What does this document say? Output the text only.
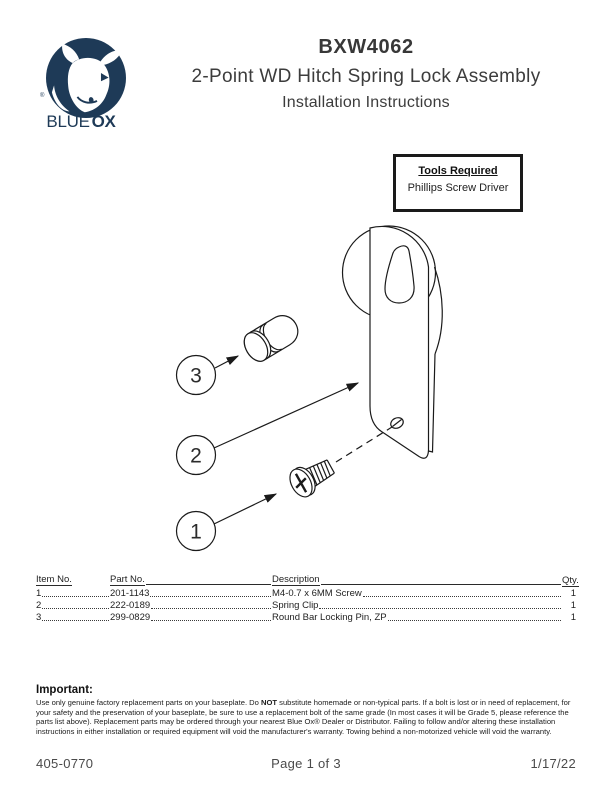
®
BLUE OX
BXW4062
2-Point WD Hitch Spring Lock Assembly
Installation Instructions
Tools Required
Phillips Screw Driver
3
2
1
Item No.	Part No.	Description	Qty.
1	201-1143	M4-0.7 x 6MM Screw	1
2	222-0189	Spring Clip	1
3	299-0829	Round Bar Locking Pin, ZP	1
Important:
Use only genuine factory replacement parts on your baseplate. Do NOT substitute homemade or non-typical parts. If a bolt is lost or in need of replacement, for your safety and the preservation of your baseplate, be sure to use a replacement bolt of the same grade (In most cases it will be Grade 5, please reference the parts list above). Replacement parts may be ordered through your nearest Blue Ox® Dealer or Distributor. Failing to follow and/or altering these installation instructions in either installation or required equipment will void the manufacturer's warranty. Towing behind a non-motorized vehicle will void the warranty.
405-0770	Page 1 of 3	1/17/22
